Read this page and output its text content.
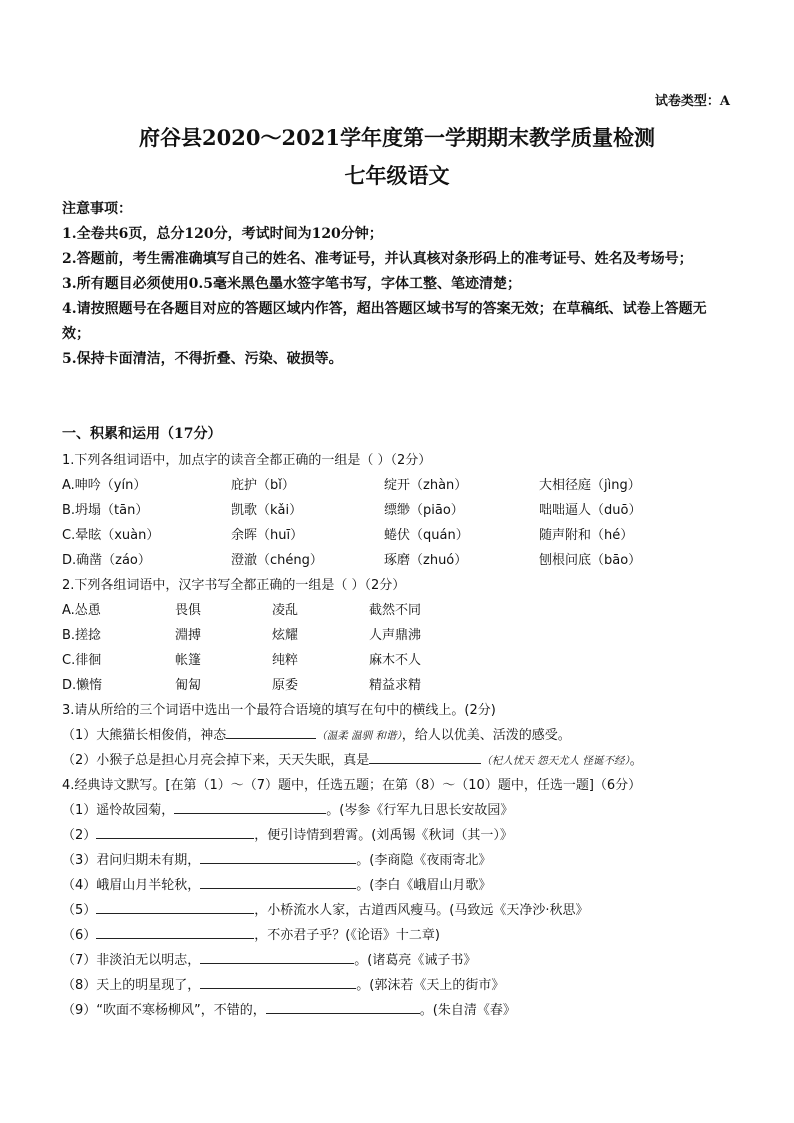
试卷类型：A
府谷县2020～2021学年度第一学期期末教学质量检测
七年级语文
注意事项：
1.全卷共6页，总分120分，考试时间为120分钟；
2.答题前，考生需准确填写自己的姓名、准考证号，并认真核对条形码上的准考证号、姓名及考场号；
3.所有题目必须使用0.5毫米黑色墨水签字笔书写，字体工整、笔迹清楚；
4.请按照题号在各题目对应的答题区域内作答，超出答题区域书写的答案无效；在草稿纸、试卷上答题无效；
5.保持卡面清洁，不得折叠、污染、破损等。
一、积累和运用（17分）
1.下列各组词语中，加点字的读音全都正确的一组是（ ）（2分）
A.呻吟（yín）	庇护（bǐ）	绽开（zhàn）	大相径庭（jìng）
B.坍塌（tān）	凯歌（kǎi）	缥缈（piāo）	咄咄逼人（duō）
C.晕眩（xuàn）	余晖（huī）	蜷伏（quán）	随声附和（hé）
D.确凿（záo）	澄澈（chéng）	琢磨（zhuó）	刨根问底（bāo）
2.下列各组词语中，汉字书写全都正确的一组是（ ）（2分）
A.怂恿	畏俱	凌乱	截然不同
B.搓捻	淵搏	炫耀	人声鼎沸
C.徘徊	帐篷	纯粹	麻木不人
D.懒惰	匍匐	原委	精益求精
3.请从所给的三个词语中选出一个最符合语境的填写在句中的横线上。(2分)
（1）大熊猫长相俊俏，神态	（温柔 温驯 和谐），给人以优美、活泼的感受。
（2）小猴子总是担心月亮会掉下来，天天失眠，真是	（杞人忧天 怨天尤人 怪诞不经）。
4.经典诗文默写。[在第（1）～（7）题中，任选五题；在第（8）～（10）题中，任选一题]（6分）
（1）遥怜故园菊，	。(岑参《行军九日思长安故园》
（2）	，便引诗情到碧霄。(刘禹锡《秋词（其一）》
（3）君问归期未有期，	。(李商隐《夜雨寄北》
（4）峨眉山月半轮秋，	。(李白《峨眉山月歌》
（5）	，小桥流水人家，古道西风瘦马。(马致远《天净沙·秋思》
（6）	，不亦君子乎？(《论语》十二章)
（7）非淡泊无以明志，	。(诸葛亮《诫子书》
（8）天上的明星现了，	。(郭沫若《天上的街市》
（9）“吹面不寒杨柳风”，不错的，	。(朱自清《春》
